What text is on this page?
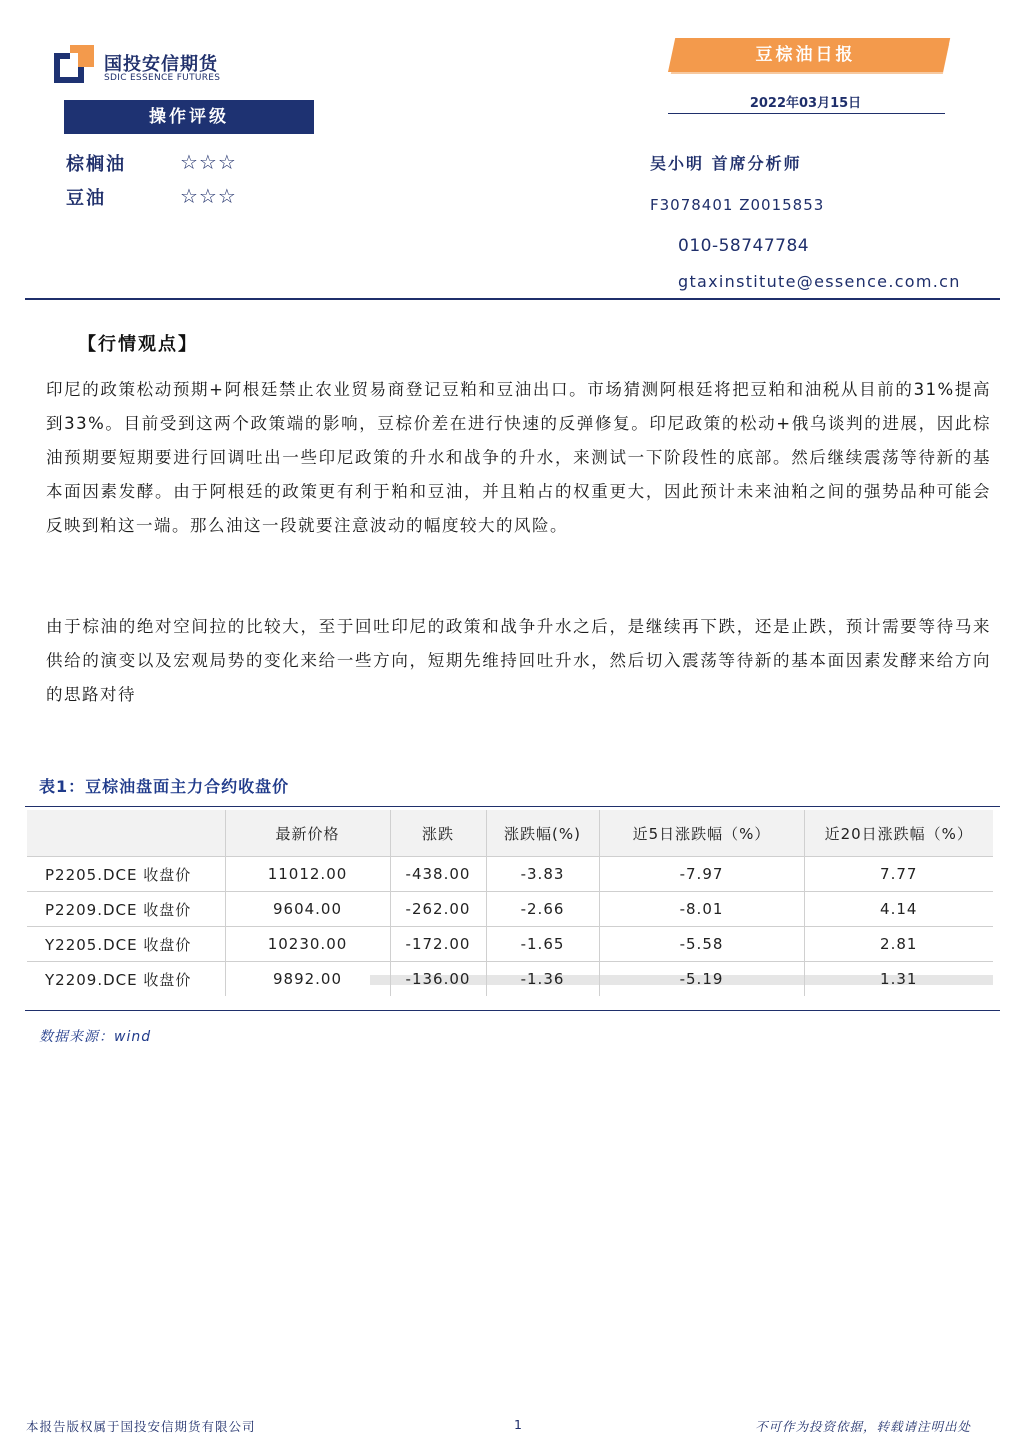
国投安信期货
SDIC ESSENCE FUTURES
豆棕油日报
2022年03月15日
操作评级
棕榈油	☆☆☆
豆油	☆☆☆
吴小明 首席分析师
F3078401 Z0015853
010-58747784
gtaxinstitute@essence.com.cn
【行情观点】

印尼的政策松动预期+阿根廷禁止农业贸易商登记豆粕和豆油出口。市场猜测阿根廷将把豆粕和油税从目前的31%提高到33%。目前受到这两个政策端的影响，豆棕价差在进行快速的反弹修复。印尼政策的松动+俄乌谈判的进展，因此棕油预期要短期要进行回调吐出一些印尼政策的升水和战争的升水，来测试一下阶段性的底部。然后继续震荡等待新的基本面因素发酵。由于阿根廷的政策更有利于粕和豆油，并且粕占的权重更大，因此预计未来油粕之间的强势品种可能会反映到粕这一端。那么油这一段就要注意波动的幅度较大的风险。

由于棕油的绝对空间拉的比较大，至于回吐印尼的政策和战争升水之后，是继续再下跌，还是止跌，预计需要等待马来供给的演变以及宏观局势的变化来给一些方向，短期先维持回吐升水，然后切入震荡等待新的基本面因素发酵来给方向的思路对待

表1：豆棕油盘面主力合约收盘价
	最新价格	涨跌	涨跌幅(%)	近5日涨跌幅（%）	近20日涨跌幅（%）
P2205.DCE 收盘价	11012.00	-438.00	-3.83	-7.97	7.77
P2209.DCE 收盘价	9604.00	-262.00	-2.66	-8.01	4.14
Y2205.DCE 收盘价	10230.00	-172.00	-1.65	-5.58	2.81
Y2209.DCE 收盘价	9892.00	-136.00	-1.36	-5.19	1.31
数据来源：wind
本报告版权属于国投安信期货有限公司	1	不可作为投资依据，转载请注明出处
